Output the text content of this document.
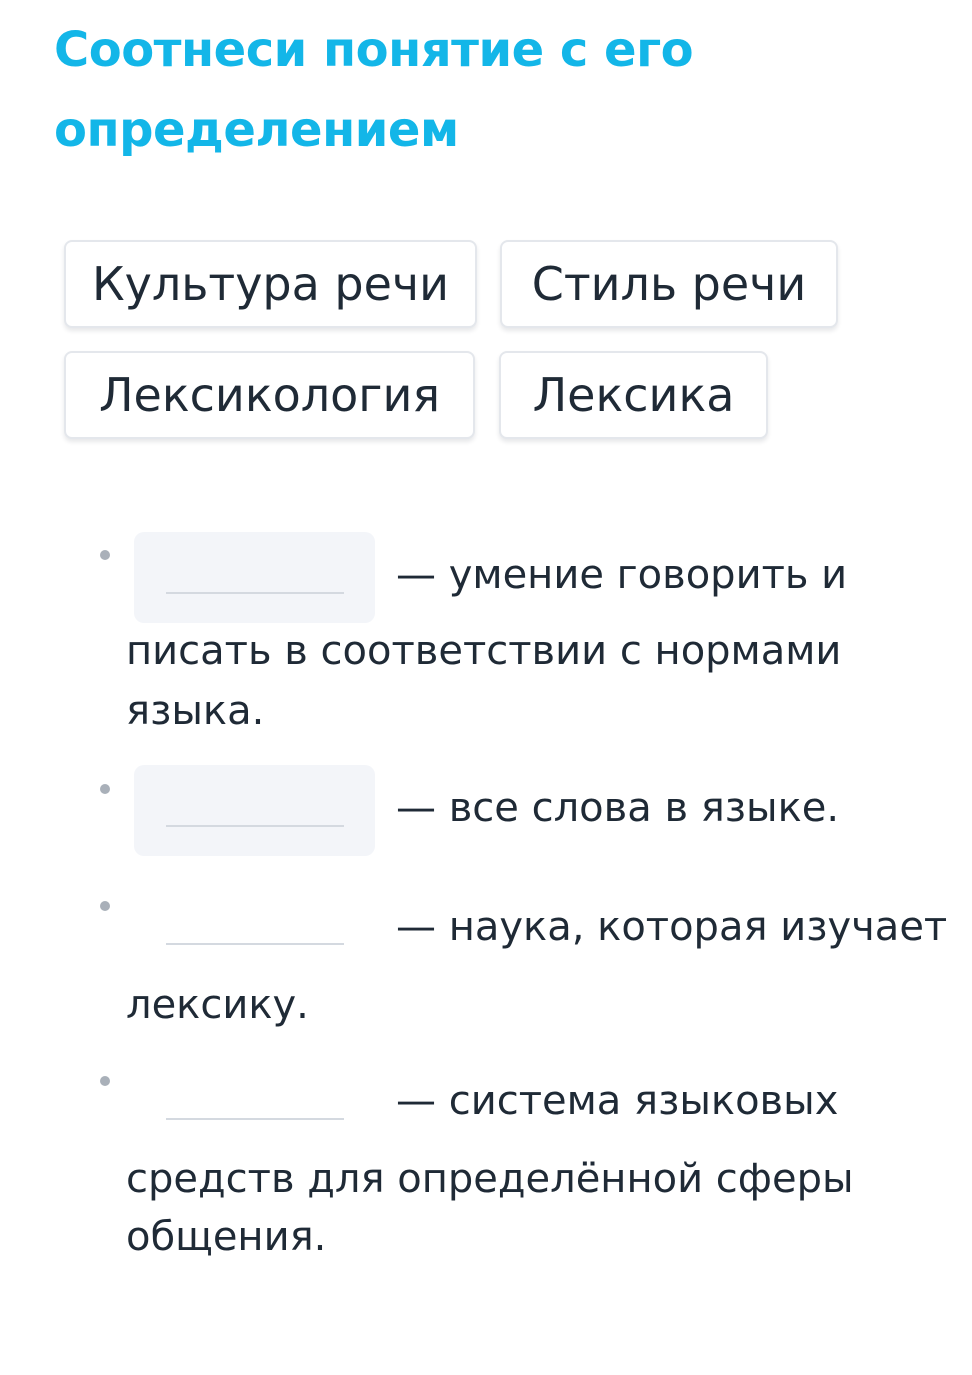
Соотнеси понятие с его
определением
Культура речи	Стиль речи
Лексикология	Лексика
— умение говорить и
писать в соответствии с нормами
языка.
— все слова в языке.
— наука, которая изучает
лексику.
— система языковых
средств для определённой сферы
общения.
